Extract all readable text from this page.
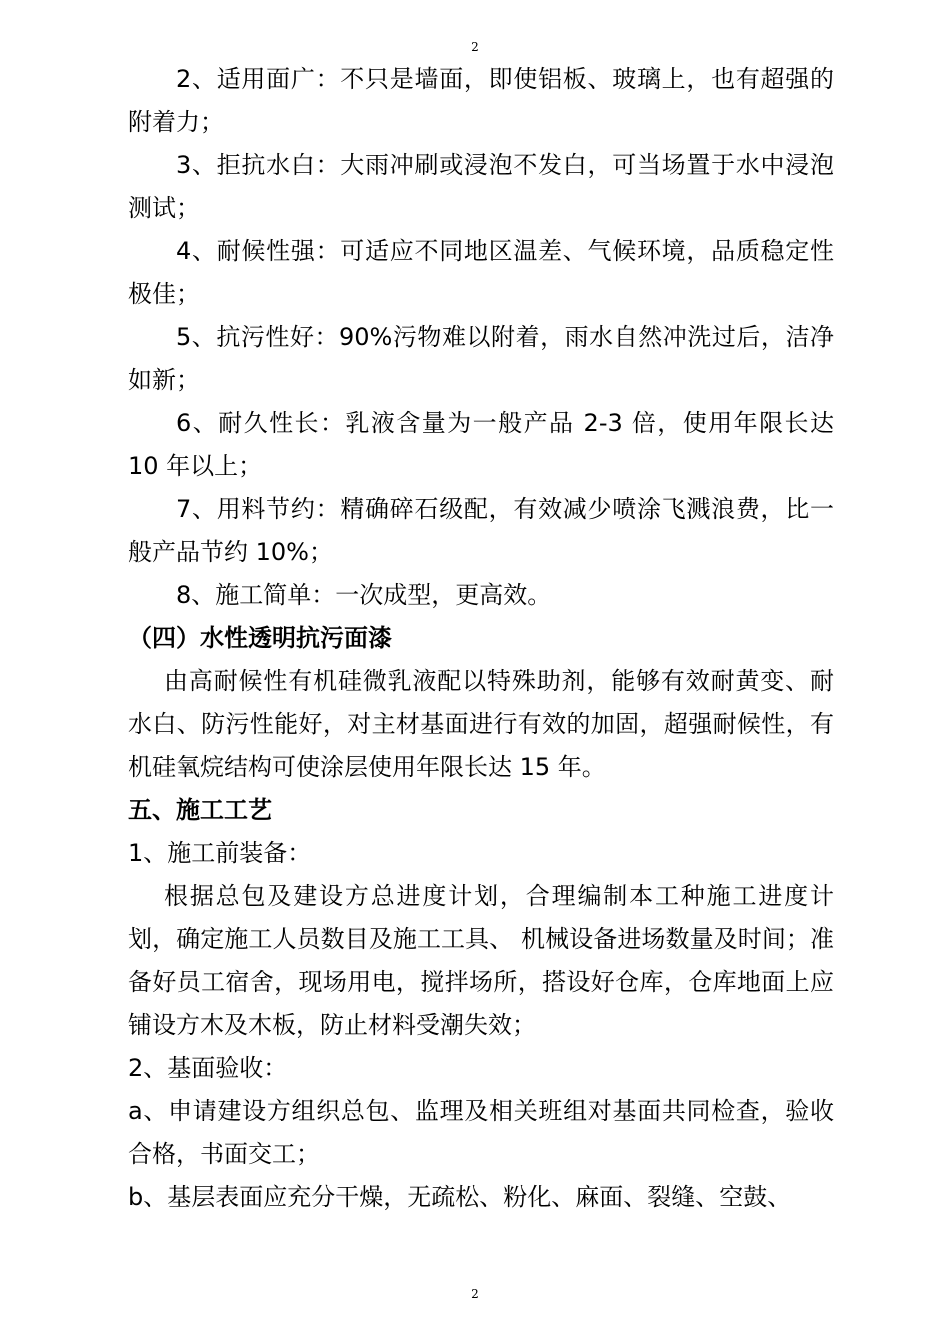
2

2、适用面广：不只是墙面，即使铝板、玻璃上，也有超强的附着力；

3、拒抗水白：大雨冲刷或浸泡不发白，可当场置于水中浸泡测试；

4、耐候性强：可适应不同地区温差、气候环境，品质稳定性极佳；

5、抗污性好：90%污物难以附着，雨水自然冲洗过后，洁净如新；

6、耐久性长：乳液含量为一般产品 2-3 倍，使用年限长达 10 年以上；

7、用料节约：精确碎石级配，有效减少喷涂飞溅浪费，比一般产品节约 10%；

8、施工简单：一次成型，更高效。

（四）水性透明抗污面漆

由高耐候性有机硅微乳液配以特殊助剂，能够有效耐黄变、耐水白、防污性能好，对主材基面进行有效的加固，超强耐候性，有机硅氧烷结构可使涂层使用年限长达 15 年。

五、施工工艺

1、施工前装备：

根据总包及建设方总进度计划，合理编制本工种施工进度计划，确定施工人员数目及施工工具、 机械设备进场数量及时间；准备好员工宿舍，现场用电，搅拌场所，搭设好仓库，仓库地面上应铺设方木及木板，防止材料受潮失效；

2、基面验收：

a、申请建设方组织总包、监理及相关班组对基面共同检查，验收合格，书面交工；

b、基层表面应充分干燥，无疏松、粉化、麻面、裂缝、空鼓、

2
